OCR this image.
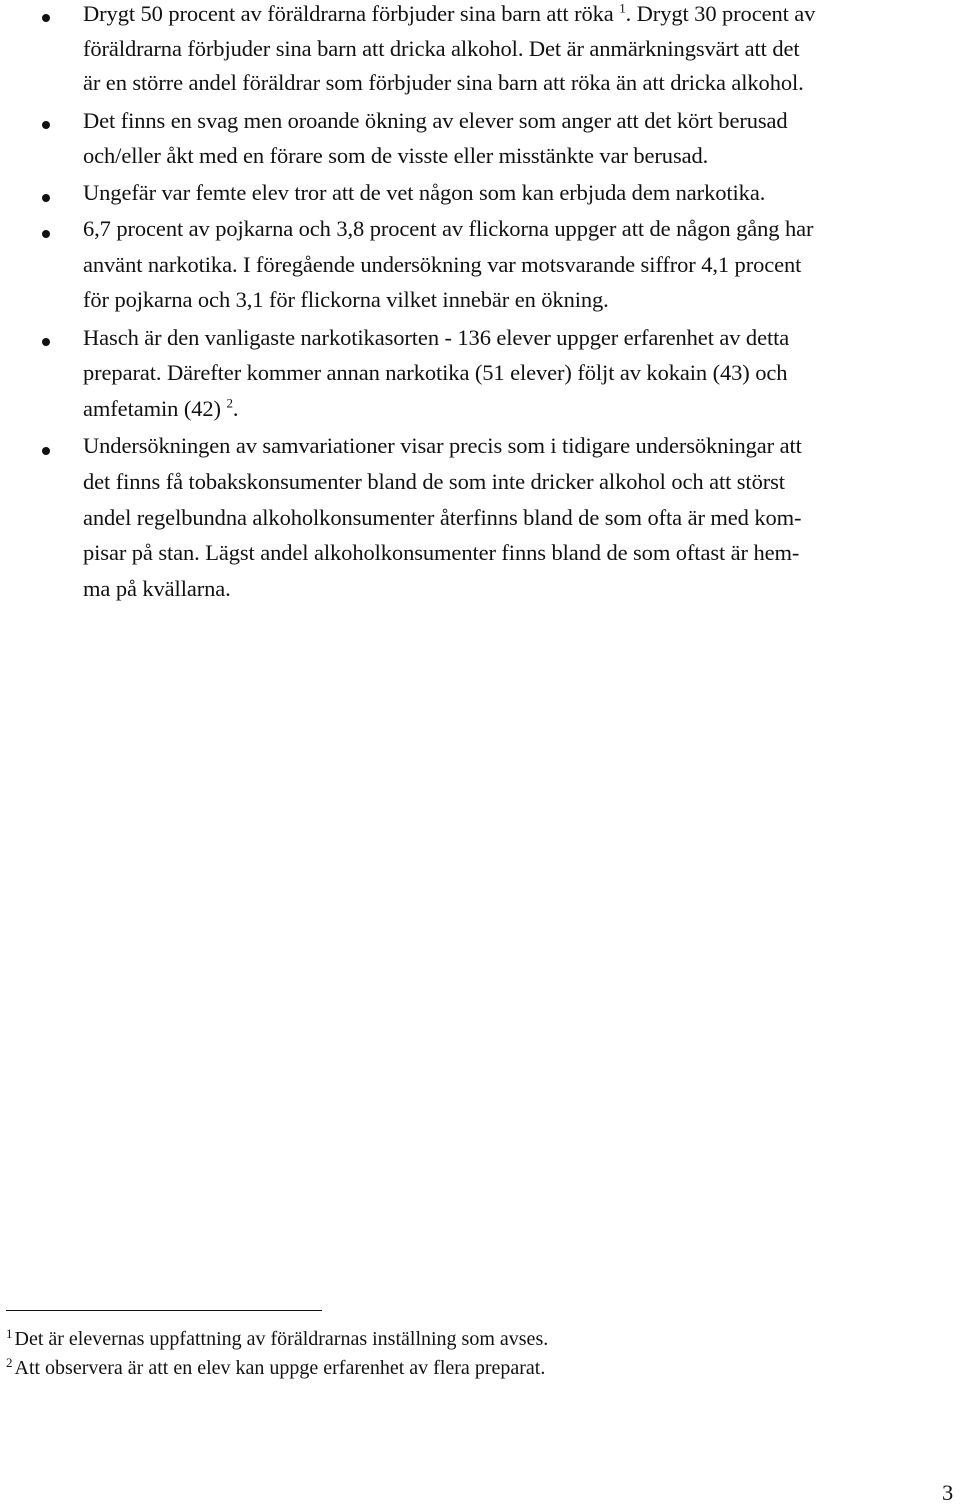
Drygt 50 procent av föräldrarna förbjuder sina barn att röka $^1$. Drygt 30 procent av
föräldrarna förbjuder sina barn att dricka alkohol. Det är anmärkningsvärt att det
är en större andel föräldrar som förbjuder sina barn att röka än att dricka alkohol.
Det finns en svag men oroande ökning av elever som anger att det kört berusad
och/eller åkt med en förare som de visste eller misstänkte var berusad.
Ungefär var femte elev tror att de vet någon som kan erbjuda dem narkotika.
6,7 procent av pojkarna och 3,8 procent av flickorna uppger att de någon gång har
använt narkotika. I föregående undersökning var motsvarande siffror 4,1 procent
för pojkarna och 3,1 för flickorna vilket innebär en ökning.
Hasch är den vanligaste narkotikasorten - 136 elever uppger erfarenhet av detta
preparat. Därefter kommer annan narkotika (51 elever) följt av kokain (43) och
amfetamin (42) $^2$.
Undersökningen av samvariationer visar precis som i tidigare undersökningar att
det finns få tobakskonsumenter bland de som inte dricker alkohol och att störst
andel regelbundna alkoholkonsumenter återfinns bland de som ofta är med kom-
pisar på stan. Lägst andel alkoholkonsumenter finns bland de som oftast är hem-
ma på kvällarna.
$^1$ Det är elevernas uppfattning av föräldrarnas inställning som avses.
$^2$ Att observera är att en elev kan uppge erfarenhet av flera preparat.
3
